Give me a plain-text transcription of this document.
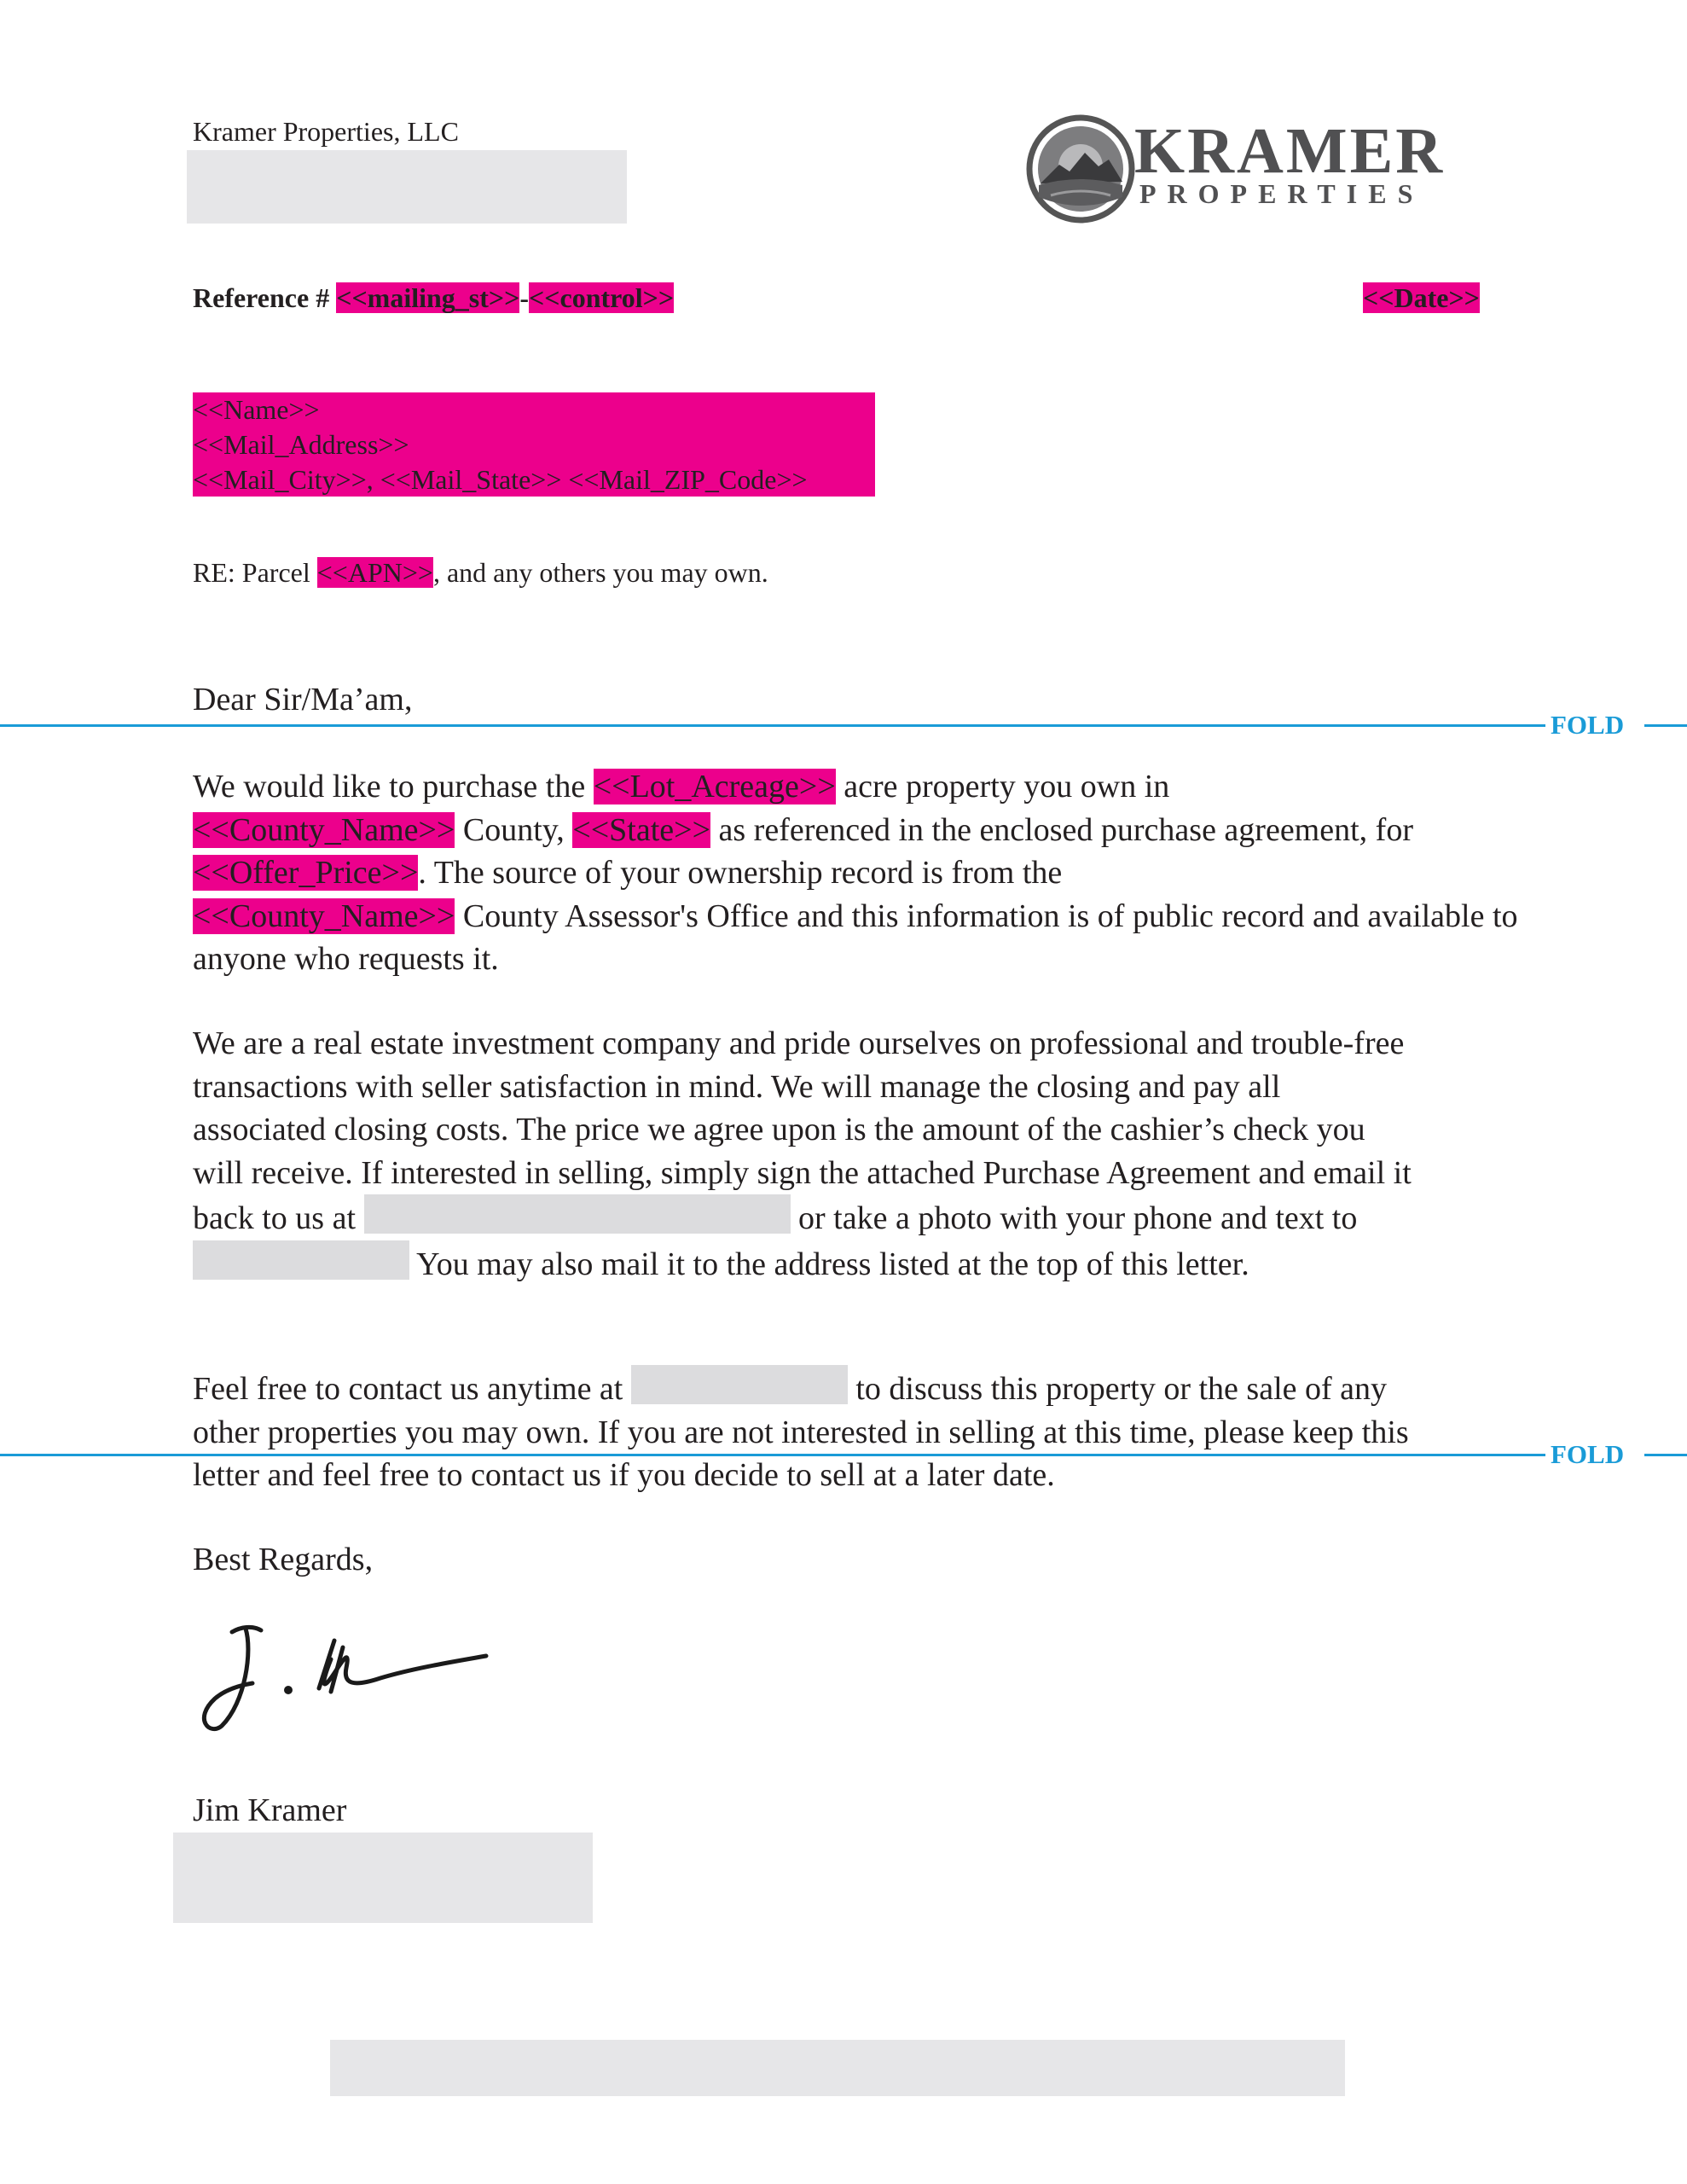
Kramer Properties, LLC	KRAMER
PROPERTIES
Reference # <<mailing_st>>-<<control>>	<<Date>>
<<Name>>
<<Mail_Address>>
<<Mail_City>>, <<Mail_State>> <<Mail_ZIP_Code>>
RE: Parcel <<APN>>, and any others you may own.
Dear Sir/Ma’am,
FOLD

We would like to purchase the <<Lot_Acreage>> acre property you own in
<<County_Name>> County, <<State>> as referenced in the enclosed purchase agreement, for <<Offer_Price>>. The source of your ownership record is from the
<<County_Name>> County Assessor's Office and this information is of public record and available to anyone who requests it.

We are a real estate investment company and pride ourselves on professional and trouble-free transactions with seller satisfaction in mind. We will manage the closing and pay all associated closing costs. The price we agree upon is the amount of the cashier’s check you will receive. If interested in selling, simply sign the attached Purchase Agreement and email it back to us at	or take a photo with your phone and text to  You may also mail it to the address listed at the top of this letter.

Feel free to contact us anytime at	to discuss this property or the sale of any other properties you may own. If you are not interested in selling at this time, please keep this letter and feel free to contact us if you decide to sell at a later date.

FOLD
Best Regards,
Jim Kramer
